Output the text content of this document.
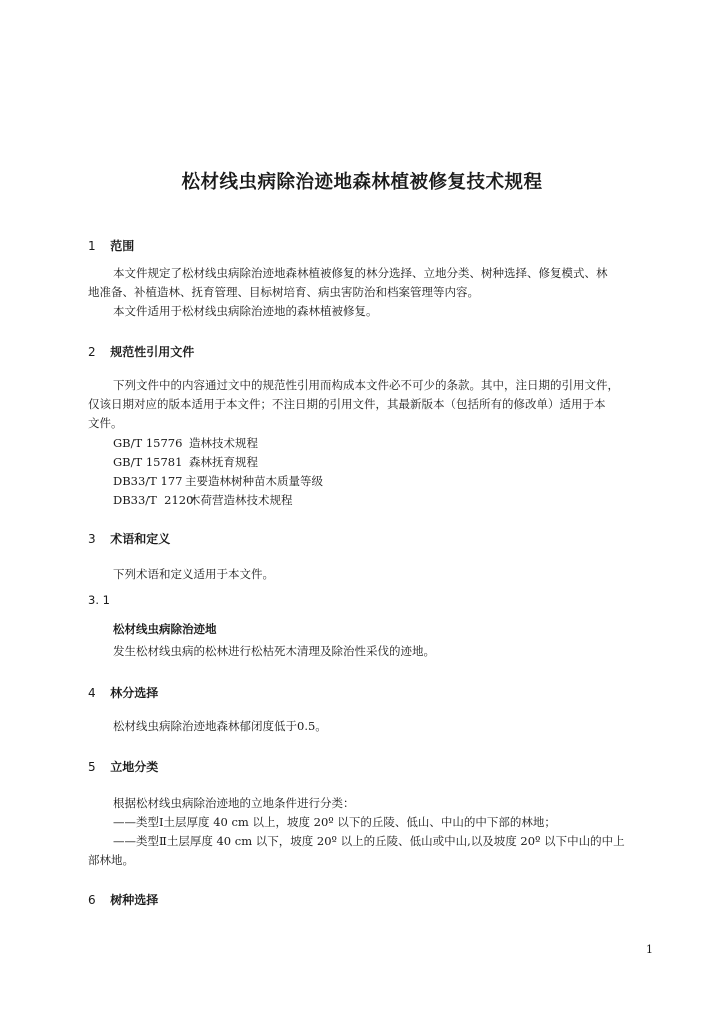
松材线虫病除治迹地森林植被修复技术规程
1 范围
本文件规定了松材线虫病除治迹地森林植被修复的林分选择、立地分类、树种选择、修复模式、林
地准备、补植造林、抚育管理、目标树培育、病虫害防治和档案管理等内容。
本文件适用于松材线虫病除治迹地的森林植被修复。
2 规范性引用文件
下列文件中的内容通过文中的规范性引用而构成本文件必不可少的条款。其中，注日期的引用文件，
仅该日期对应的版本适用于本文件；不注日期的引用文件，其最新版本（包括所有的修改单）适用于本
文件。
GB/T 15776 造林技术规程
GB/T 15781 森林抚育规程
DB33/T 177 主要造林树种苗木质量等级
DB33/T  2120木荷营造林技术规程
3 术语和定义
下列术语和定义适用于本文件。
3. 1
松材线虫病除治迹地
发生松材线虫病的松林进行松枯死木清理及除治性采伐的迹地。
4 林分选择
松材线虫病除治迹地森林郁闭度低于0.5。
5 立地分类
根据松材线虫病除治迹地的立地条件进行分类：
——类型Ⅰ土层厚度 40 cm 以上，坡度 20º 以下的丘陵、低山、中山的中下部的林地；
——类型Ⅱ土层厚度 40 cm 以下，坡度 20º 以上的丘陵、低山或中山,以及坡度 20º 以下中山的中上
部林地。
6 树种选择
1
